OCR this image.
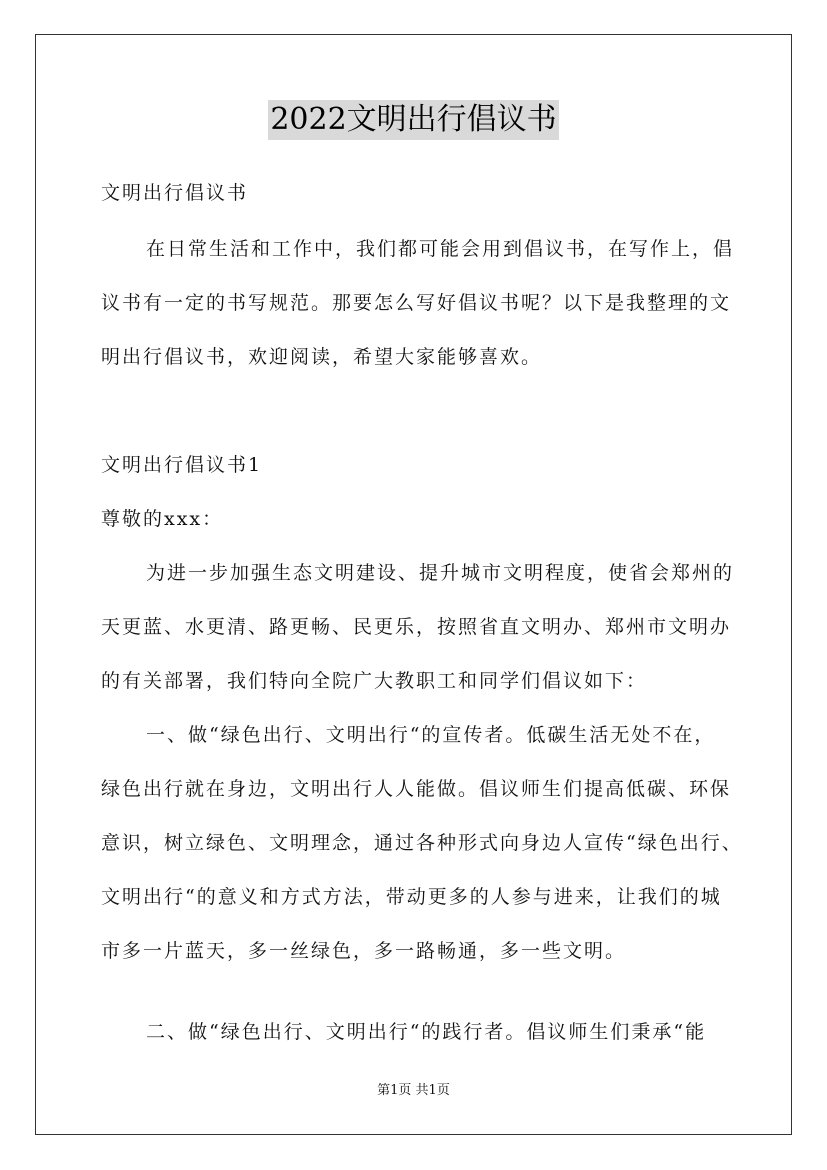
2022文明出行倡议书
文明出行倡议书
在日常生活和工作中，我们都可能会用到倡议书，在写作上，倡
议书有一定的书写规范。那要怎么写好倡议书呢？以下是我整理的文
明出行倡议书，欢迎阅读，希望大家能够喜欢。
文明出行倡议书1
尊敬的xxx：
为进一步加强生态文明建设、提升城市文明程度，使省会郑州的
天更蓝、水更清、路更畅、民更乐，按照省直文明办、郑州市文明办
的有关部署，我们特向全院广大教职工和同学们倡议如下：
一、做“绿色出行、文明出行“的宣传者。低碳生活无处不在，
绿色出行就在身边，文明出行人人能做。倡议师生们提高低碳、环保
意识，树立绿色、文明理念，通过各种形式向身边人宣传“绿色出行、
文明出行“的意义和方式方法，带动更多的人参与进来，让我们的城
市多一片蓝天，多一丝绿色，多一路畅通，多一些文明。
二、做“绿色出行、文明出行“的践行者。倡议师生们秉承“能
第1页 共1页
